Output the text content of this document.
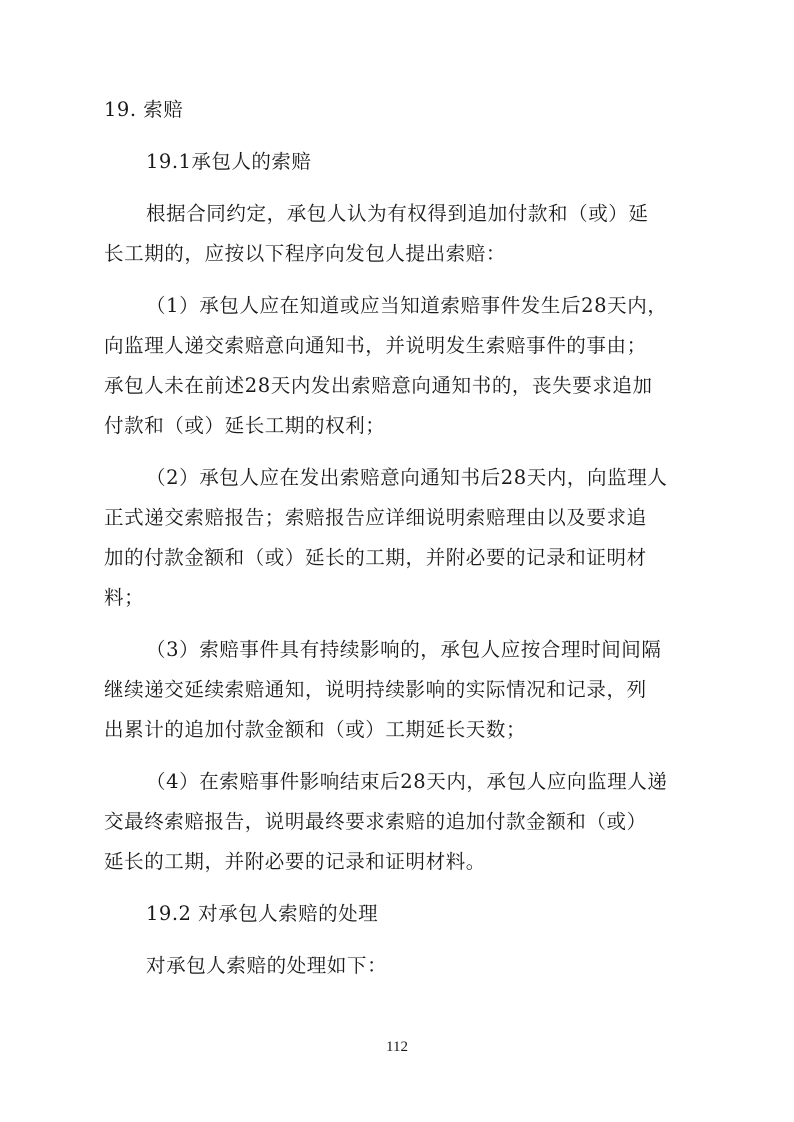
19. 索赔
19.1承包人的索赔
根据合同约定，承包人认为有权得到追加付款和（或）延
长工期的，应按以下程序向发包人提出索赔：
（1）承包人应在知道或应当知道索赔事件发生后28天内，
向监理人递交索赔意向通知书，并说明发生索赔事件的事由；
承包人未在前述28天内发出索赔意向通知书的，丧失要求追加
付款和（或）延长工期的权利；
（2）承包人应在发出索赔意向通知书后28天内，向监理人
正式递交索赔报告；索赔报告应详细说明索赔理由以及要求追
加的付款金额和（或）延长的工期，并附必要的记录和证明材
料；
（3）索赔事件具有持续影响的，承包人应按合理时间间隔
继续递交延续索赔通知，说明持续影响的实际情况和记录，列
出累计的追加付款金额和（或）工期延长天数；
（4）在索赔事件影响结束后28天内，承包人应向监理人递
交最终索赔报告，说明最终要求索赔的追加付款金额和（或）
延长的工期，并附必要的记录和证明材料。
19.2 对承包人索赔的处理
对承包人索赔的处理如下：
112
